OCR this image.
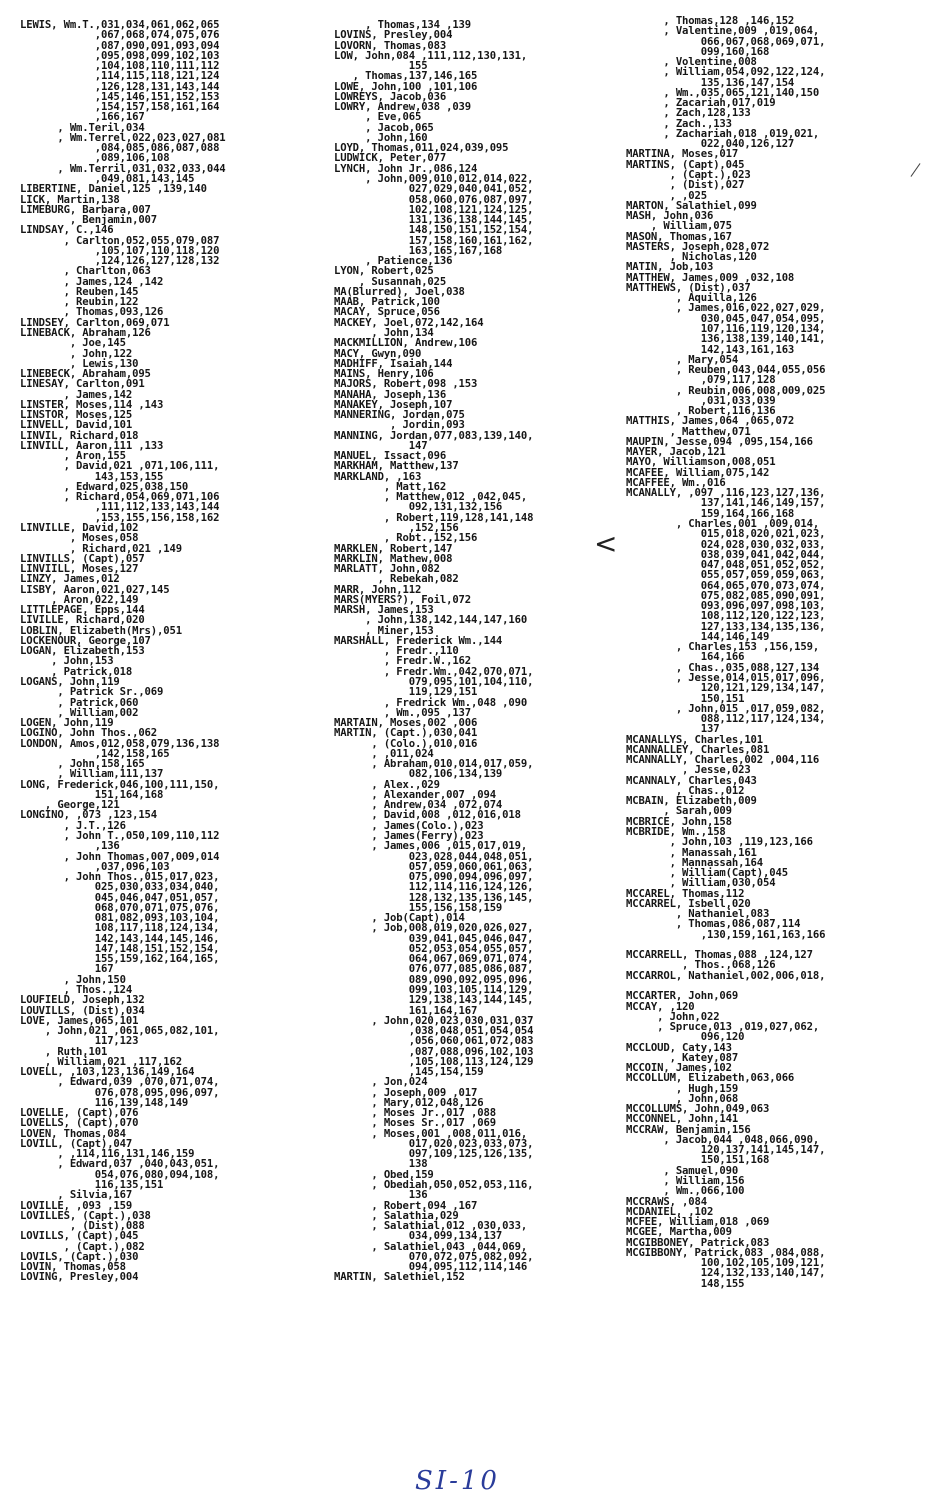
LEWIS, Wm.T.,031,034,061,062,065
,067,068,074,075,076
,087,090,091,093,094
,095,098,099,102,103
,104,108,110,111,112
,114,115,118,121,124
,126,128,131,143,144
,145,146,151,152,153
,154,157,158,161,164
,166,167
, Wm.Teril,034
, Wm.Terrel,022,023,027,081
,084,085,086,087,088
,089,106,108
, Wm.Terril,031,032,033,044
,049,081,143,145
LIBERTINE, Daniel,125 ,139,140
LICK, Martin,138
LIMEBURG, Barbara,007
, Benjamin,007
LINDSAY, C.,146
, Carlton,052,055,079,087
,105,107,110,118,120
,124,126,127,128,132
, Charlton,063
, James,124 ,142
, Reuben,145
, Reubin,122
, Thomas,093,126
LINDSEY, Carlton,069,071
LINEBACK, Abraham,126
, Joe,145
, John,122
, Lewis,130
LINEBECK, Abraham,095
LINESAY, Carlton,091
, James,142
LINSTER, Moses,114 ,143
LINSTOR, Moses,125
LINVELL, David,101
LINVIL, Richard,018
LINVILL, Aaron,111 ,133
, Aron,155
, David,021 ,071,106,111,
143,153,155
, Edward,025,038,150
, Richard,054,069,071,106
,111,112,133,143,144
,153,155,156,158,162
LINVILLE, David,102
, Moses,058
, Richard,021 ,149
LINVILLS, (Capt),057
LINVIILL, Moses,127
LINZY, James,012
LISBY, Aaron,021,027,145
, Aron,022,149
LITTLEPAGE, Epps,144
LIVILLE, Richard,020
LOBLIN, Elizabeth(Mrs),051
LOCKENOUR, George,107
LOGAN, Elizabeth,153
, John,153
, Patrick,018
LOGANS, John,119
, Patrick Sr.,069
, Patrick,060
, William,002
LOGEN, John,119
LOGINO, John Thos.,062
LONDON, Amos,012,058,079,136,138
,142,158,165
, John,158,165
, William,111,137
LONG, Frederick,046,100,111,150,
151,164,168
, George,121
LONGINO, ,073 ,123,154
, J.T.,126
, John T.,050,109,110,112
,136
, John Thomas,007,009,014
,037,096,103
, John Thos.,015,017,023,
025,030,033,034,040,
045,046,047,051,057,
068,070,071,075,076,
081,082,093,103,104,
108,117,118,124,134,
142,143,144,145,146,
147,148,151,152,154,
155,159,162,164,165,
167
, John,150
, Thos.,124
LOUFIELD, Joseph,132
LOUVILLS, (Dist),034
LOVE, James,065,101
, John,021 ,061,065,082,101,
117,123
, Ruth,101
, William,021 ,117,162
LOVELL, ,103,123,136,149,164
, Edward,039 ,070,071,074,
076,078,095,096,097,
116,139,148,149
LOVELLE, (Capt),076
LOVELLS, (Capt),070
LOVEN, Thomas,084
LOVILL, (Capt),047
, ,114,116,131,146,159
, Edward,037 ,040,043,051,
054,076,080,094,108,
116,135,151
, Silvia,167
LOVILLE, ,093 ,159
LOVILLES, (Capt.),038
, (Dist),088
LOVILLS, (Capt),045
, (Capt.),082
LOVILS, (Capt.),030
LOVIN, Thomas,058
LOVING, Presley,004
, Thomas,134 ,139
LOVINS, Presley,004
LOVORN, Thomas,083
LOW, John,084 ,111,112,130,131,
155
, Thomas,137,146,165
LOWE, John,100 ,101,106
LOWREYS, Jacob,036
LOWRY, Andrew,038 ,039
, Eve,065
, Jacob,065
, John,160
LOYD, Thomas,011,024,039,095
LUDWICK, Peter,077
LYNCH, John Jr.,086,124
, John,009,010,012,014,022,
027,029,040,041,052,
058,060,076,087,097,
102,108,121,124,125,
131,136,138,144,145,
148,150,151,152,154,
157,158,160,161,162,
163,165,167,168
, Patience,136
LYON, Robert,025
, Susannah,025
MA(Blurred), Joel,038
MAAB, Patrick,100
MACAY, Spruce,056
MACKEY, Joel,072,142,164
, John,134
MACKMILLION, Andrew,106
MACY, Gwyn,090
MADHIFF, Isaiah,144
MAINS, Henry,106
MAJORS, Robert,098 ,153
MANAHA, Joseph,136
MANAKEY, Joseph,107
MANNERING, Jordan,075
, Jordin,093
MANNING, Jordan,077,083,139,140,
147
MANUEL, Issact,096
MARKHAM, Matthew,137
MARKLAND, ,163
, Matt,162
, Matthew,012 ,042,045,
092,131,132,156
, Robert,119,128,141,148
,152,156
, Robt.,152,156
MARKLEN, Robert,147
MARKLIN, Mathew,008
MARLATT, John,082
, Rebekah,082
MARR, John,112
MARS(MYERS?), Foil,072
MARSH, James,153
, John,138,142,144,147,160
, Miner,153
MARSHALL, Frederick Wm.,144
, Fredr.,110
, Fredr.W.,162
, Fredr.Wm.,042,070,071,
079,095,101,104,110,
119,129,151
, Fredrick Wm.,048 ,090
, Wm.,095 ,137
MARTAIN, Moses,002 ,006
MARTIN, (Capt.),030,041
, (Colo.),010,016
, ,011,024
, Abraham,010,014,017,059,
082,106,134,139
, Alex.,029
, Alexander,007 ,094
, Andrew,034 ,072,074
, David,008 ,012,016,018
, James(Colo.),023
, James(Ferry),023
, James,006 ,015,017,019,
023,028,044,048,051,
057,059,060,061,063,
075,090,094,096,097,
112,114,116,124,126,
128,132,135,136,145,
155,156,158,159
, Job(Capt),014
, Job,008,019,020,026,027,
039,041,045,046,047,
052,053,054,055,057,
064,067,069,071,074,
076,077,085,086,087,
089,090,092,095,096,
099,103,105,114,129,
129,138,143,144,145,
161,164,167
, John,020,023,030,031,037
,038,048,051,054,054
,056,060,061,072,083
,087,088,096,102,103
,105,108,113,124,129
,145,154,159
, Jon,024
, Joseph,009 ,017
, Mary,012,048,126
, Moses Jr.,017 ,088
, Moses Sr.,017 ,069
, Moses,001 ,008,011,016,
017,020,023,033,073,
097,109,125,126,135,
138
, Obed,159
, Obediah,050,052,053,116,
136
, Robert,094 ,167
, Salathia,029
, Salathial,012 ,030,033,
034,099,134,137
, Salathiel,043 ,044,069,
070,072,075,082,092,
094,095,112,114,146
MARTIN, Salethiel,152
, Thomas,128 ,146,152
, Valentine,009 ,019,064,
066,067,068,069,071,
099,160,168
, Volentine,008
, William,054,092,122,124,
135,136,147,154
, Wm.,035,065,121,140,150
, Zacariah,017,019
, Zach,128,133
, Zach.,133
, Zachariah,018 ,019,021,
022,040,126,127
MARTINA, Moses,017
MARTINS, (Capt),045
, (Capt.),023
, (Dist),027
, ,025
MARTON, Salathiel,099
MASH, John,036
, William,075
MASON, Thomas,167
MASTERS, Joseph,028,072
, Nicholas,120
MATIN, Job,103
MATTHEW, James,009 ,032,108
MATTHEWS, (Dist),037
, Aquilla,126
, James,016,022,027,029,
030,045,047,054,095,
107,116,119,120,134,
136,138,139,140,141,
142,143,161,163
, Mary,054
, Reuben,043,044,055,056
,079,117,128
, Reubin,006,008,009,025
,031,033,039
, Robert,116,136
MATTHIS, James,064 ,065,072
, Matthew,071
MAUPIN, Jesse,094 ,095,154,166
MAYER, Jacob,121
MAYO, Williamson,008,051
MCAFEE, William,075,142
MCAFFEE, Wm.,016
MCANALLY, ,097 ,116,123,127,136,
137,141,146,149,157,
159,164,166,168
, Charles,001 ,009,014,
015,018,020,021,023,
024,028,030,032,033,
038,039,041,042,044,
047,048,051,052,052,
055,057,059,059,063,
064,065,070,073,074,
075,082,085,090,091,
093,096,097,098,103,
108,112,120,122,123,
127,133,134,135,136,
144,146,149
, Charles,153 ,156,159,
164,166
, Chas.,035,088,127,134
, Jesse,014,015,017,096,
120,121,129,134,147,
150,151
, John,015 ,017,059,082,
088,112,117,124,134,
137
MCANALLYS, Charles,101
MCANNALLEY, Charles,081
MCANNALLY, Charles,002 ,004,116
, Jesse,023
MCANNALY, Charles,043
, Chas.,012
MCBAIN, Elizabeth,009
, Sarah,009
MCBRICE, John,158
MCBRIDE, Wm.,158
, John,103 ,119,123,166
, Manassah,161
, Mannassah,164
, William(Capt),045
, William,030,054
MCCAREL, Thomas,112
MCCARREL, Isbell,020
, Nathaniel,083
, Thomas,086,087,114
,130,159,161,163,166

MCCARRELL, Thomas,088 ,124,127
, Thos.,068,126
MCCARROL, Nathaniel,002,006,018,

MCCARTER, John,069
MCCAY, ,120
, John,022
, Spruce,013 ,019,027,062,
096,120
MCCLOUD, Caty,143
, Katey,087
MCCOIN, James,102
MCCOLLUM, Elizabeth,063,066
, Hugh,159
, John,068
MCCOLLUMS, John,049,063
MCCONNEL, John,141
MCCRAW, Benjamin,156
, Jacob,044 ,048,066,090,
120,137,141,145,147,
150,151,168
, Samuel,090
, William,156
, Wm.,066,100
MCCRAWS, ,084
MCDANIEL, ,102
MCFEE, William,018 ,069
MCGEE, Martha,009
MCGIBBONEY, Patrick,083
MCGIBBONY, Patrick,083 ,084,088,
100,102,105,109,121,
124,132,133,140,147,
148,155
<
SI-10
